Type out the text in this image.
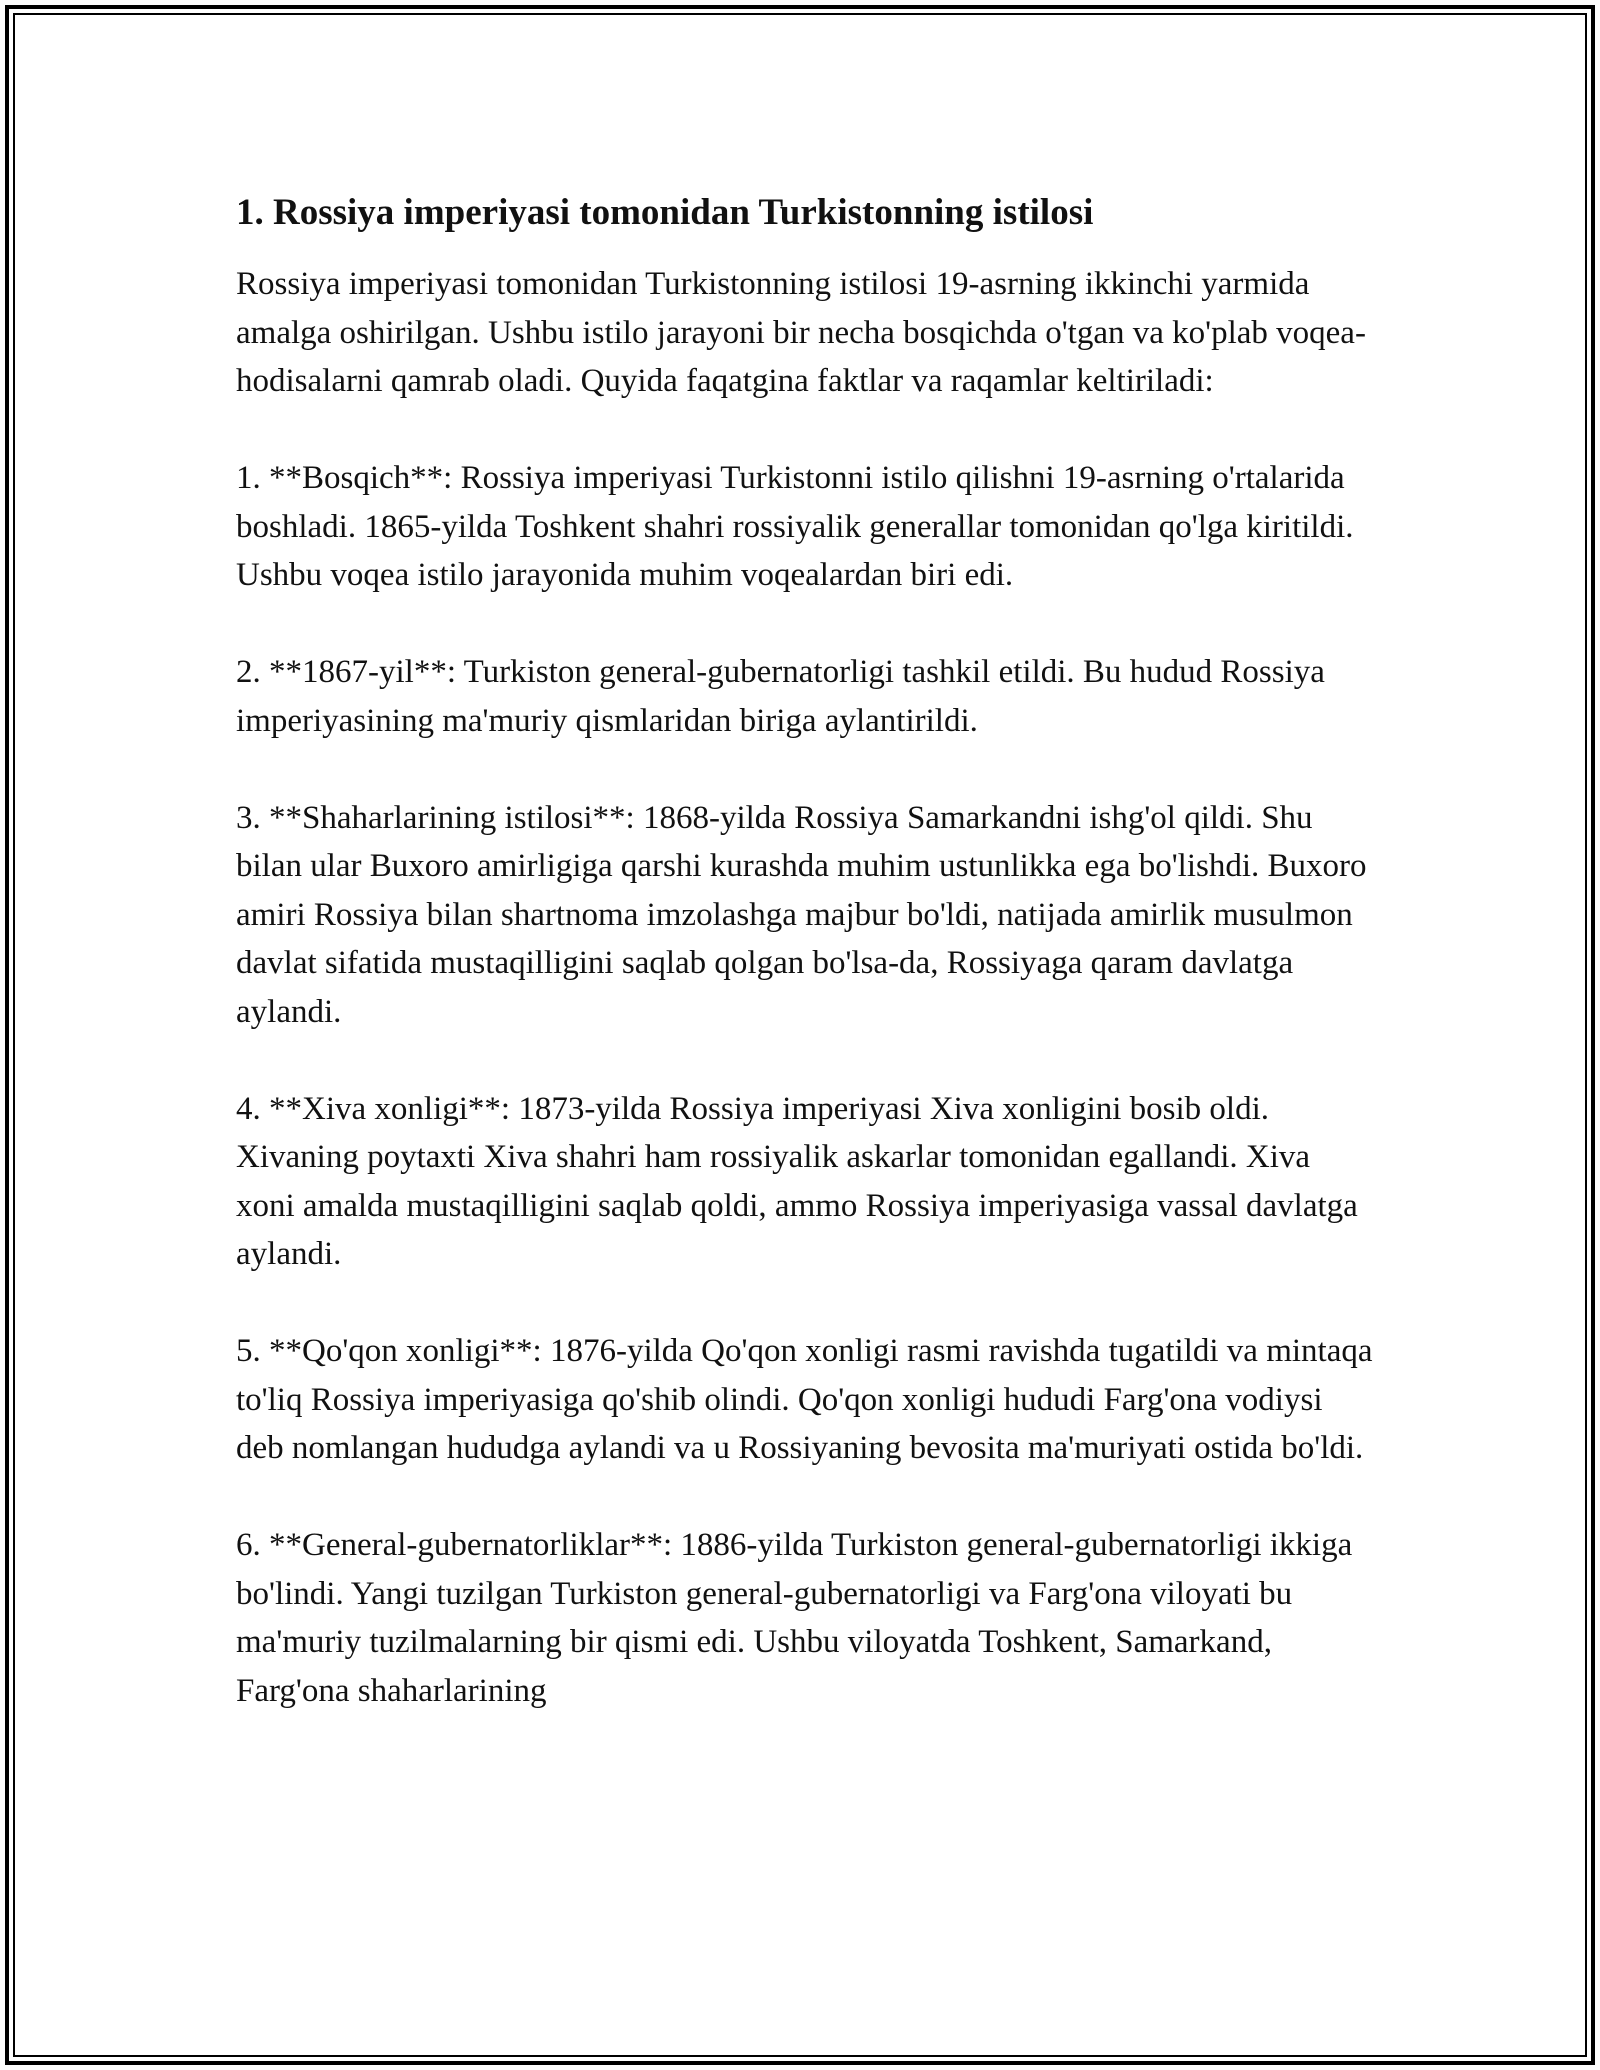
1. Rossiya imperiyasi tomonidan Turkistonning istilosi

Rossiya imperiyasi tomonidan Turkistonning istilosi 19-asrning ikkinchi yarmida amalga oshirilgan. Ushbu istilo jarayoni bir necha bosqichda o'tgan va ko'plab voqea-hodisalarni qamrab oladi. Quyida faqatgina faktlar va raqamlar keltiriladi:

1. **Bosqich**: Rossiya imperiyasi Turkistonni istilo qilishni 19-asrning o'rtalarida boshladi. 1865-yilda Toshkent shahri rossiyalik generallar tomonidan qo'lga kiritildi. Ushbu voqea istilo jarayonida muhim voqealardan biri edi.

2. **1867-yil**: Turkiston general-gubernatorligi tashkil etildi. Bu hudud Rossiya imperiyasining ma'muriy qismlaridan biriga aylantirildi.

3. **Shaharlarining istilosi**: 1868-yilda Rossiya Samarkandni ishg'ol qildi. Shu bilan ular Buxoro amirligiga qarshi kurashda muhim ustunlikka ega bo'lishdi. Buxoro amiri Rossiya bilan shartnoma imzolashga majbur bo'ldi, natijada amirlik musulmon davlat sifatida mustaqilligini saqlab qolgan bo'lsa-da, Rossiyaga qaram davlatga aylandi.

4. **Xiva xonligi**: 1873-yilda Rossiya imperiyasi Xiva xonligini bosib oldi. Xivaning poytaxti Xiva shahri ham rossiyalik askarlar tomonidan egallandi. Xiva xoni amalda mustaqilligini saqlab qoldi, ammo Rossiya imperiyasiga vassal davlatga aylandi.

5. **Qo'qon xonligi**: 1876-yilda Qo'qon xonligi rasmi ravishda tugatildi va mintaqa to'liq Rossiya imperiyasiga qo'shib olindi. Qo'qon xonligi hududi Farg'ona vodiysi deb nomlangan hududga aylandi va u Rossiyaning bevosita ma'muriyati ostida bo'ldi.

6. **General-gubernatorliklar**: 1886-yilda Turkiston general-gubernatorligi ikkiga bo'lindi. Yangi tuzilgan Turkiston general-gubernatorligi va Farg'ona viloyati bu ma'muriy tuzilmalarning bir qismi edi. Ushbu viloyatda Toshkent, Samarkand, Farg'ona shaharlarining
